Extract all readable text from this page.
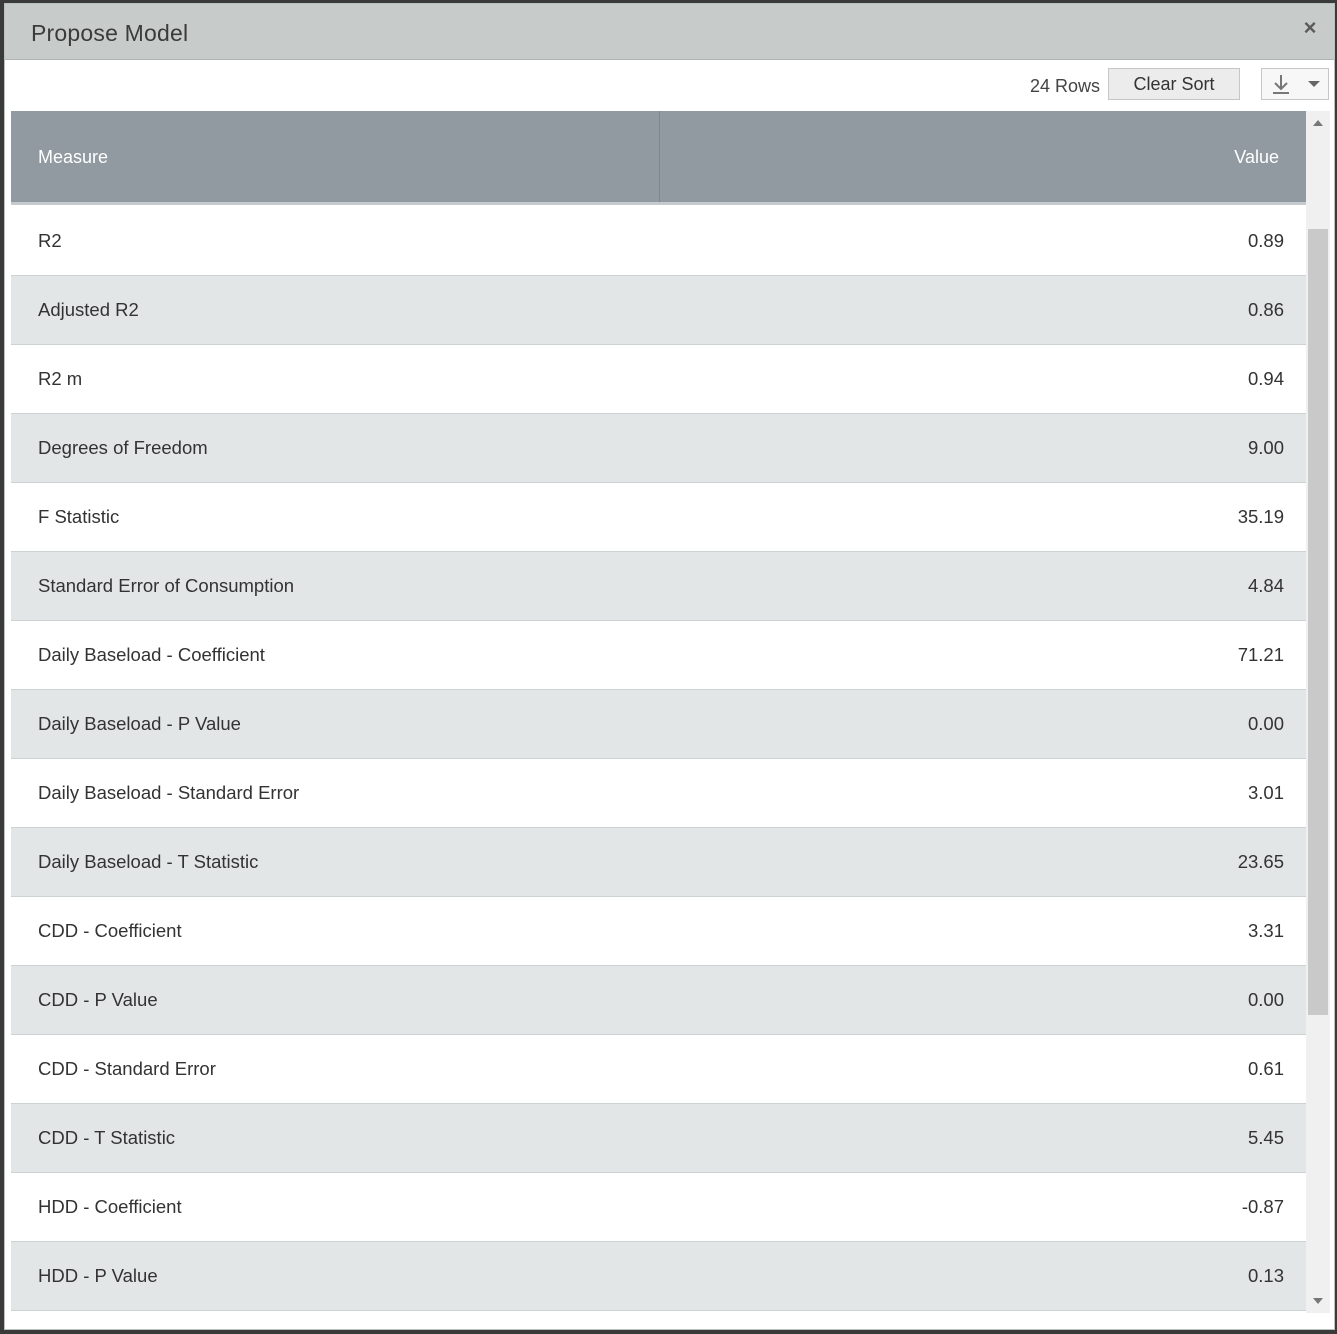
Propose Model	×
24 Rows	Clear Sort
Measure	Value
R2	0.89
Adjusted R2	0.86
R2 m	0.94
Degrees of Freedom	9.00
F Statistic	35.19
Standard Error of Consumption	4.84
Daily Baseload - Coefficient	71.21
Daily Baseload - P Value	0.00
Daily Baseload - Standard Error	3.01
Daily Baseload - T Statistic	23.65
CDD - Coefficient	3.31
CDD - P Value	0.00
CDD - Standard Error	0.61
CDD - T Statistic	5.45
HDD - Coefficient	-0.87
HDD - P Value	0.13
